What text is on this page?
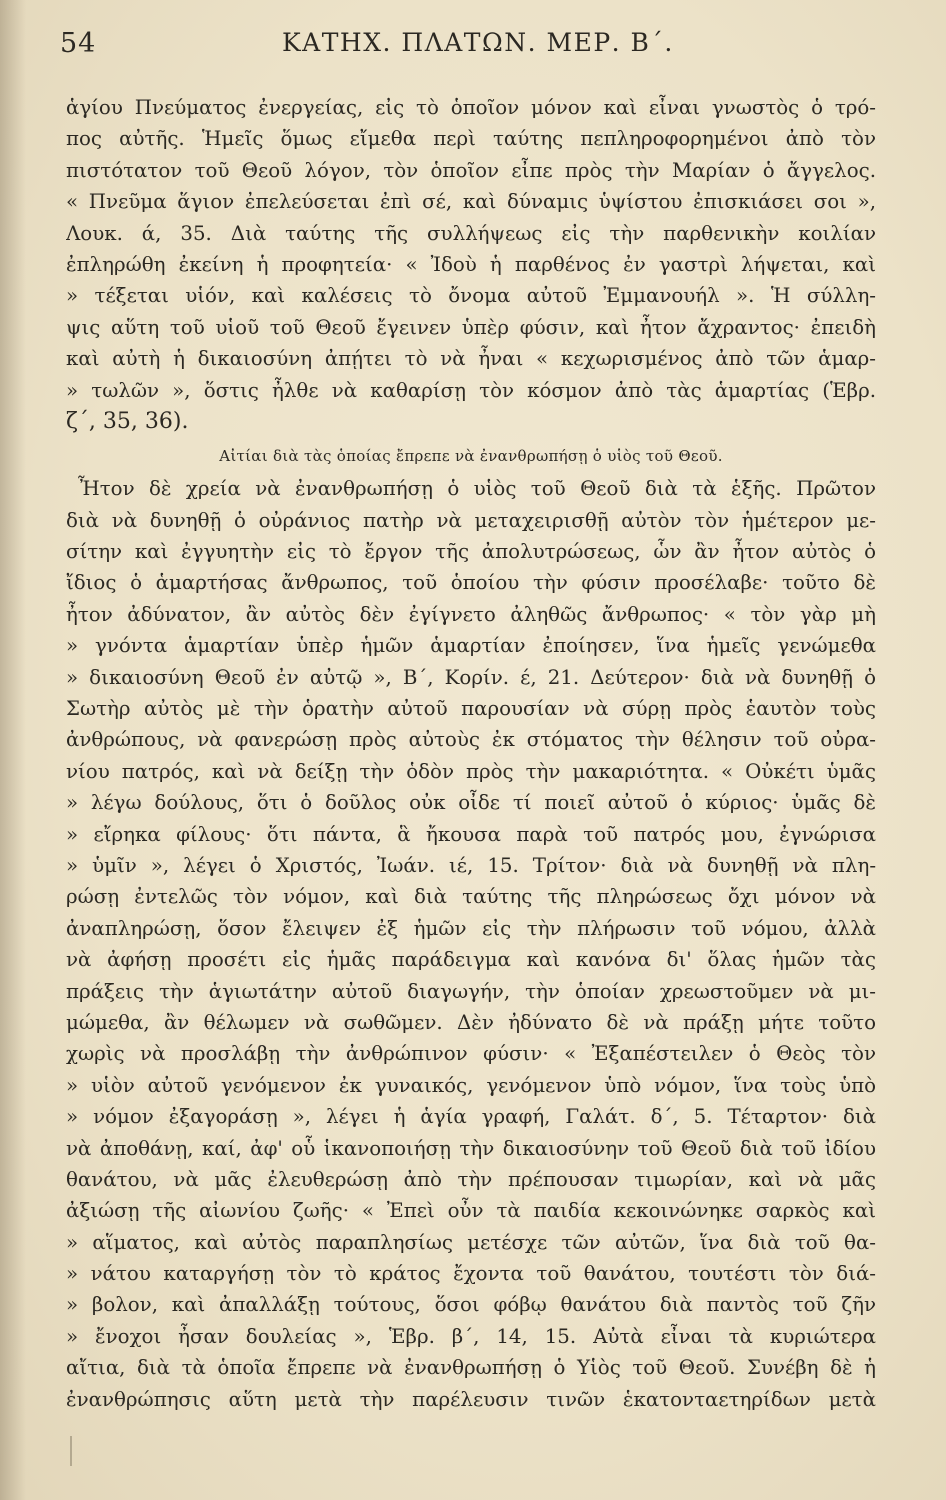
54	ΚΑΤΗΧ. ΠΛΑΤΩΝ. ΜΕΡ. Β΄.
ἁγίου Πνεύματος ἐνεργείας, εἰς τὸ ὁποῖον μόνον καὶ εἶναι γνωστὸς ὁ τρό-
πος αὐτῆς. Ἡμεῖς ὅμως εἴμεθα περὶ ταύτης πεπληροφορημένοι ἀπὸ τὸν
πιστότατον τοῦ Θεοῦ λόγον, τὸν ὁποῖον εἶπε πρὸς τὴν Μαρίαν ὁ ἄγγελος.
« Πνεῦμα ἅγιον ἐπελεύσεται ἐπὶ σέ, καὶ δύναμις ὑψίστου ἐπισκιάσει σοι »,
Λουκ. ά, 35. Διὰ ταύτης τῆς συλλήψεως εἰς τὴν παρθενικὴν κοιλίαν
ἐπληρώθη ἐκείνη ἡ προφητεία· « Ἰδοὺ ἡ παρθένος ἐν γαστρὶ λήψεται, καὶ
» τέξεται υἱόν, καὶ καλέσεις τὸ ὄνομα αὐτοῦ Ἐμμανουήλ ». Ἡ σύλλη-
ψις αὕτη τοῦ υἱοῦ τοῦ Θεοῦ ἔγεινεν ὑπὲρ φύσιν, καὶ ἦτον ἄχραντος· ἐπειδὴ
καὶ αὐτὴ ἡ δικαιοσύνη ἀπῄτει τὸ νὰ ἦναι « κεχωρισμένος ἀπὸ τῶν ἁμαρ-
» τωλῶν », ὅστις ἦλθε νὰ καθαρίσῃ τὸν κόσμον ἀπὸ τὰς ἁμαρτίας (Ἑβρ.
ζ΄, 35, 36).
Αἰτίαι διὰ τὰς ὁποίας ἔπρεπε νὰ ἐνανθρωπήσῃ ὁ υἱὸς τοῦ Θεοῦ.
Ἦτον δὲ χρεία νὰ ἐνανθρωπήσῃ ὁ υἱὸς τοῦ Θεοῦ διὰ τὰ ἑξῆς. Πρῶτον
διὰ νὰ δυνηθῇ ὁ οὐράνιος πατὴρ νὰ μεταχειρισθῇ αὐτὸν τὸν ἡμέτερον με-
σίτην καὶ ἐγγυητὴν εἰς τὸ ἔργον τῆς ἀπολυτρώσεως, ὧν ἂν ἦτον αὐτὸς ὁ
ἴδιος ὁ ἁμαρτήσας ἄνθρωπος, τοῦ ὁποίου τὴν φύσιν προσέλαβε· τοῦτο δὲ
ἦτον ἀδύνατον, ἂν αὐτὸς δὲν ἐγίγνετο ἀληθῶς ἄνθρωπος· « τὸν γὰρ μὴ
» γνόντα ἁμαρτίαν ὑπὲρ ἡμῶν ἁμαρτίαν ἐποίησεν, ἵνα ἡμεῖς γενώμεθα
» δικαιοσύνη Θεοῦ ἐν αὐτῷ », Β΄, Κορίν. έ, 21. Δεύτερον· διὰ νὰ δυνηθῇ ὁ
Σωτὴρ αὐτὸς μὲ τὴν ὁρατὴν αὐτοῦ παρουσίαν νὰ σύρῃ πρὸς ἑαυτὸν τοὺς
ἀνθρώπους, νὰ φανερώσῃ πρὸς αὐτοὺς ἐκ στόματος τὴν θέλησιν τοῦ οὐρα-
νίου πατρός, καὶ νὰ δείξῃ τὴν ὁδὸν πρὸς τὴν μακαριότητα. « Οὐκέτι ὑμᾶς
» λέγω δούλους, ὅτι ὁ δοῦλος οὐκ οἶδε τί ποιεῖ αὐτοῦ ὁ κύριος· ὑμᾶς δὲ
» εἴρηκα φίλους· ὅτι πάντα, ἃ ἤκουσα παρὰ τοῦ πατρός μου, ἐγνώρισα
» ὑμῖν », λέγει ὁ Χριστός, Ἰωάν. ιέ, 15. Τρίτον· διὰ νὰ δυνηθῇ νὰ πλη-
ρώσῃ ἐντελῶς τὸν νόμον, καὶ διὰ ταύτης τῆς πληρώσεως ὄχι μόνον νὰ
ἀναπληρώσῃ, ὅσον ἔλειψεν ἐξ ἡμῶν εἰς τὴν πλήρωσιν τοῦ νόμου, ἀλλὰ
νὰ ἀφήσῃ προσέτι εἰς ἡμᾶς παράδειγμα καὶ κανόνα δι' ὅλας ἡμῶν τὰς
πράξεις τὴν ἁγιωτάτην αὐτοῦ διαγωγήν, τὴν ὁποίαν χρεωστοῦμεν νὰ μι-
μώμεθα, ἂν θέλωμεν νὰ σωθῶμεν. Δὲν ἠδύνατο δὲ νὰ πράξῃ μήτε τοῦτο
χωρὶς νὰ προσλάβῃ τὴν ἀνθρώπινον φύσιν· « Ἐξαπέστειλεν ὁ Θεὸς τὸν
» υἱὸν αὐτοῦ γενόμενον ἐκ γυναικός, γενόμενον ὑπὸ νόμον, ἵνα τοὺς ὑπὸ
» νόμον ἐξαγοράσῃ », λέγει ἡ ἁγία γραφή, Γαλάτ. δ΄, 5. Τέταρτον· διὰ
νὰ ἀποθάνῃ, καί, ἀφ' οὗ ἱκανοποιήσῃ τὴν δικαιοσύνην τοῦ Θεοῦ διὰ τοῦ ἰδίου
θανάτου, νὰ μᾶς ἐλευθερώσῃ ἀπὸ τὴν πρέπουσαν τιμωρίαν, καὶ νὰ μᾶς
ἀξιώσῃ τῆς αἰωνίου ζωῆς· « Ἐπεὶ οὖν τὰ παιδία κεκοινώνηκε σαρκὸς καὶ
» αἵματος, καὶ αὐτὸς παραπλησίως μετέσχε τῶν αὐτῶν, ἵνα διὰ τοῦ θα-
» νάτου καταργήσῃ τὸν τὸ κράτος ἔχοντα τοῦ θανάτου, τουτέστι τὸν διά-
» βολον, καὶ ἀπαλλάξῃ τούτους, ὅσοι φόβῳ θανάτου διὰ παντὸς τοῦ ζῆν
» ἔνοχοι ἦσαν δουλείας », Ἑβρ. β΄, 14, 15. Αὐτὰ εἶναι τὰ κυριώτερα
αἴτια, διὰ τὰ ὁποῖα ἔπρεπε νὰ ἐνανθρωπήσῃ ὁ Υἱὸς τοῦ Θεοῦ. Συνέβη δὲ ἡ
ἐνανθρώπησις αὕτη μετὰ τὴν παρέλευσιν τινῶν ἑκατονταετηρίδων μετὰ
